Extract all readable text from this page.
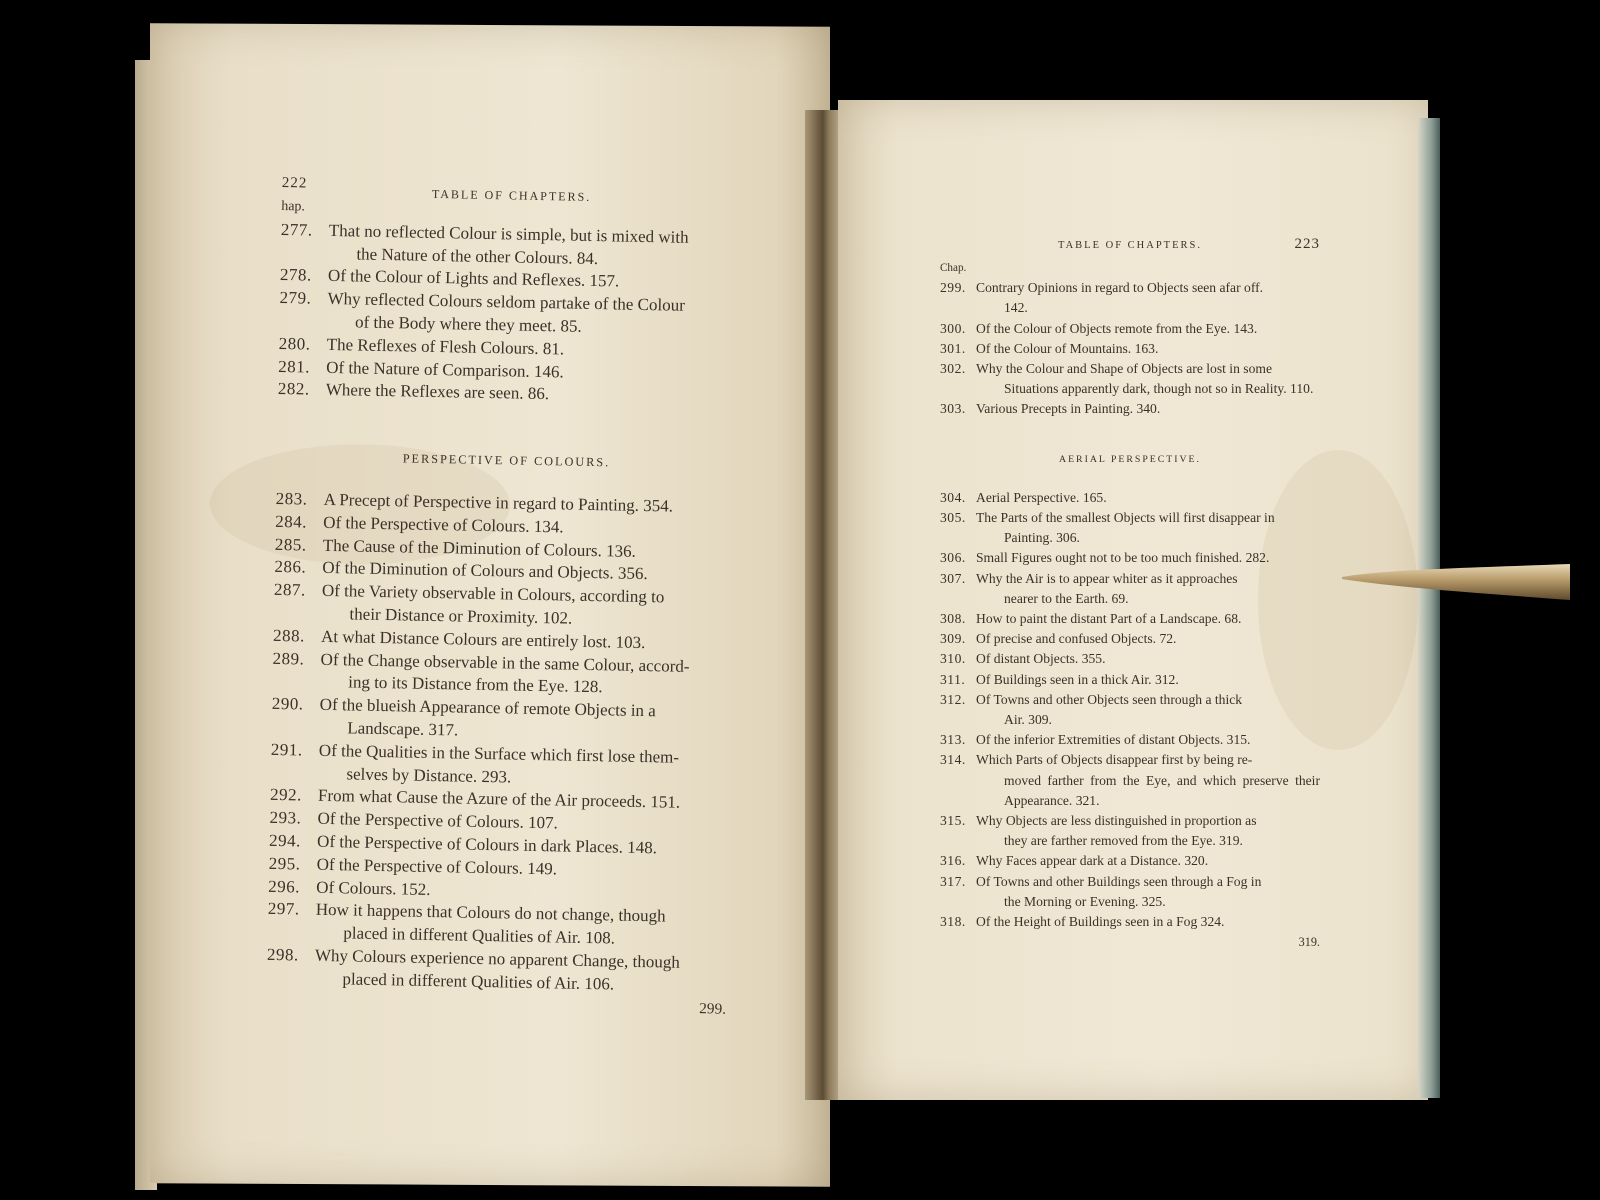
222
TABLE OF CHAPTERS.
hap.
277. That no reflected Colour is simple, but is mixed with
the Nature of the other Colours. 84.
278. Of the Colour of Lights and Reflexes. 157.
279. Why reflected Colours seldom partake of the Colour
of the Body where they meet. 85.
280. The Reflexes of Flesh Colours. 81.
281. Of the Nature of Comparison. 146.
282. Where the Reflexes are seen. 86.
PERSPECTIVE OF COLOURS.
283. A Precept of Perspective in regard to Painting. 354.
284. Of the Perspective of Colours. 134.
285. The Cause of the Diminution of Colours. 136.
286. Of the Diminution of Colours and Objects. 356.
287. Of the Variety observable in Colours, according to
their Distance or Proximity. 102.
288. At what Distance Colours are entirely lost. 103.
289. Of the Change observable in the same Colour, accord-
ing to its Distance from the Eye. 128.
290. Of the blueish Appearance of remote Objects in a
Landscape. 317.
291. Of the Qualities in the Surface which first lose them-
selves by Distance. 293.
292. From what Cause the Azure of the Air proceeds. 151.
293. Of the Perspective of Colours. 107.
294. Of the Perspective of Colours in dark Places. 148.
295. Of the Perspective of Colours. 149.
296. Of Colours. 152.
297. How it happens that Colours do not change, though
placed in different Qualities of Air. 108.
298. Why Colours experience no apparent Change, though
placed in different Qualities of Air. 106.
299.
TABLE OF CHAPTERS.	223
Chap.
299. Contrary Opinions in regard to Objects seen afar off.
142.
300. Of the Colour of Objects remote from the Eye. 143.
301. Of the Colour of Mountains. 163.
302. Why the Colour and Shape of Objects are lost in some
Situations apparently dark, though not so in Reality. 110.
303. Various Precepts in Painting. 340.
AERIAL PERSPECTIVE.
304. Aerial Perspective. 165.
305. The Parts of the smallest Objects will first disappear in
Painting. 306.
306. Small Figures ought not to be too much finished. 282.
307. Why the Air is to appear whiter as it approaches
nearer to the Earth. 69.
308. How to paint the distant Part of a Landscape. 68.
309. Of precise and confused Objects. 72.
310. Of distant Objects. 355.
311. Of Buildings seen in a thick Air. 312.
312. Of Towns and other Objects seen through a thick
Air. 309.
313. Of the inferior Extremities of distant Objects. 315.
314. Which Parts of Objects disappear first by being re-
moved farther from the Eye, and which preserve their Appearance. 321.
315. Why Objects are less distinguished in proportion as
they are farther removed from the Eye. 319.
316. Why Faces appear dark at a Distance. 320.
317. Of Towns and other Buildings seen through a Fog in
the Morning or Evening. 325.
318. Of the Height of Buildings seen in a Fog 324.
319.
